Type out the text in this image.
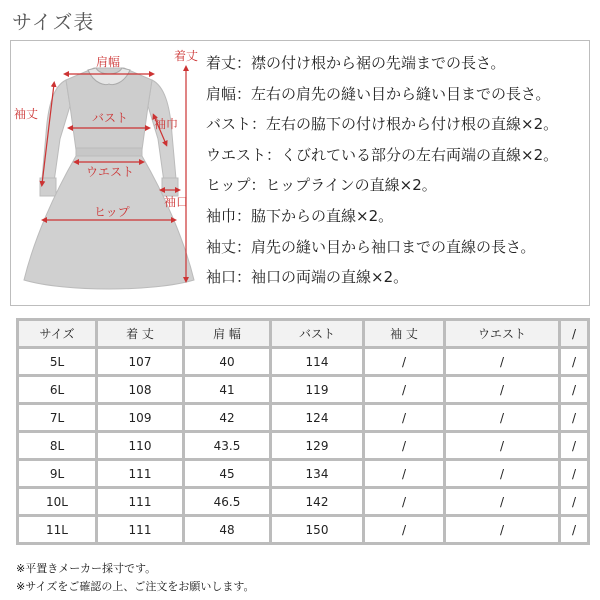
サイズ表
肩幅	着丈
袖丈	バスト 袖巾
ウエスト
袖口
ヒップ
着丈：襟の付け根から裾の先端までの長さ。
肩幅：左右の肩先の縫い目から縫い目までの長さ。
バスト：左右の脇下の付け根から付け根の直線×2。
ウエスト：くびれている部分の左右両端の直線×2。
ヒップ：ヒップラインの直線×2。
袖巾：脇下からの直線×2。
袖丈：肩先の縫い目から袖口までの直線の長さ。
袖口：袖口の両端の直線×2。
サイズ	着 丈	肩 幅	バスト	袖 丈	ウエスト	/
5L	107	40	114	/	/	/
6L	108	41	119	/	/	/
7L	109	42	124	/	/	/
8L	110	43.5	129	/	/	/
9L	111	45	134	/	/	/
10L	111	46.5	142	/	/	/
11L	111	48	150	/	/	/
※平置きメーカー採寸です。
※サイズをご確認の上、ご注文をお願いします。
